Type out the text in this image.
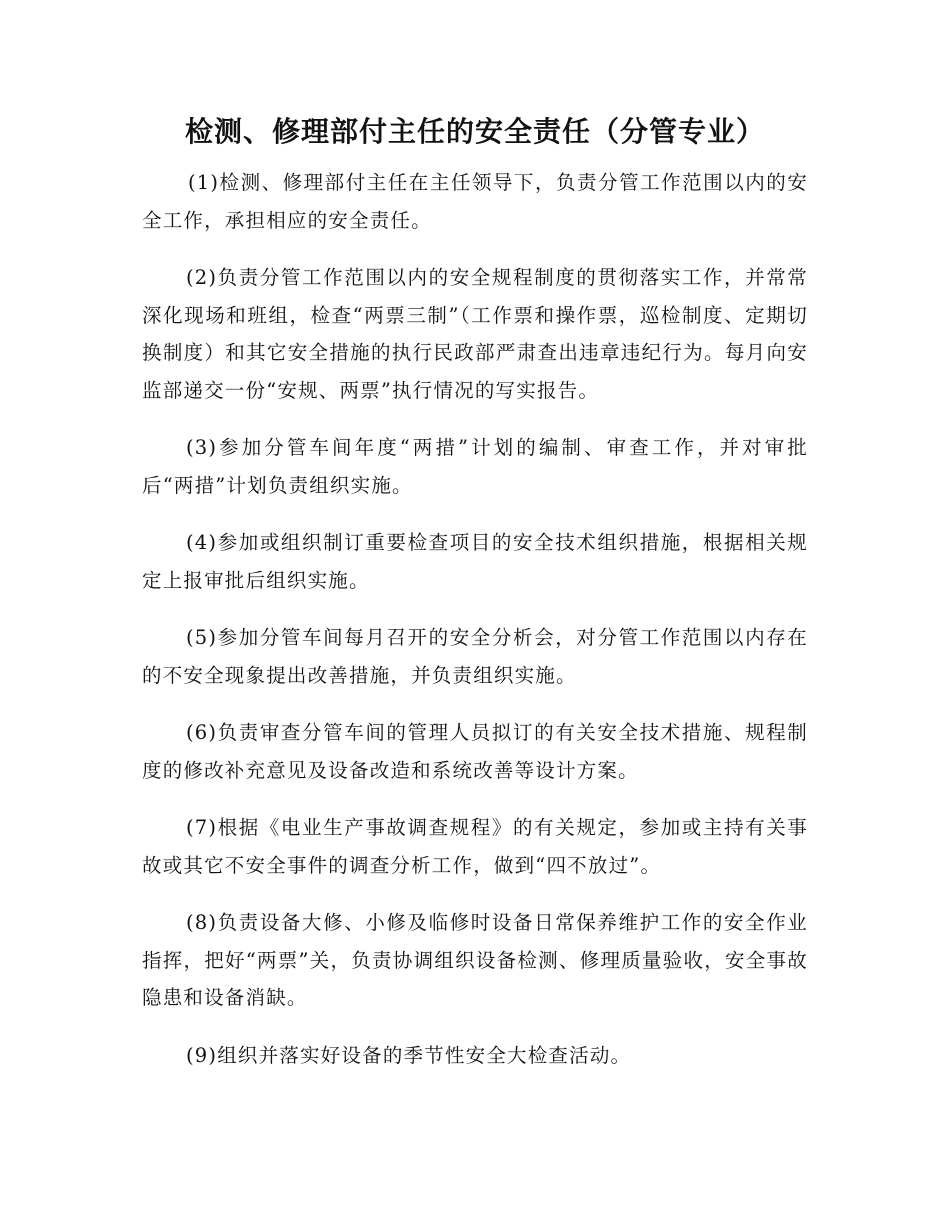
检测、修理部付主任的安全责任（分管专业）

(1)检测、修理部付主任在主任领导下，负责分管工作范围以内的安全工作，承担相应的安全责任。

(2)负责分管工作范围以内的安全规程制度的贯彻落实工作，并常常深化现场和班组，检查“两票三制”（工作票和操作票，巡检制度、定期切换制度）和其它安全措施的执行民政部严肃查出违章违纪行为。每月向安监部递交一份“安规、两票”执行情况的写实报告。

(3)参加分管车间年度“两措”计划的编制、审查工作，并对审批后“两措”计划负责组织实施。

(4)参加或组织制订重要检查项目的安全技术组织措施，根据相关规定上报审批后组织实施。

(5)参加分管车间每月召开的安全分析会，对分管工作范围以内存在的不安全现象提出改善措施，并负责组织实施。

(6)负责审查分管车间的管理人员拟订的有关安全技术措施、规程制度的修改补充意见及设备改造和系统改善等设计方案。

(7)根据《电业生产事故调查规程》的有关规定，参加或主持有关事故或其它不安全事件的调查分析工作，做到“四不放过”。

(8)负责设备大修、小修及临修时设备日常保养维护工作的安全作业指挥，把好“两票”关，负责协调组织设备检测、修理质量验收，安全事故隐患和设备消缺。

(9)组织并落实好设备的季节性安全大检查活动。
